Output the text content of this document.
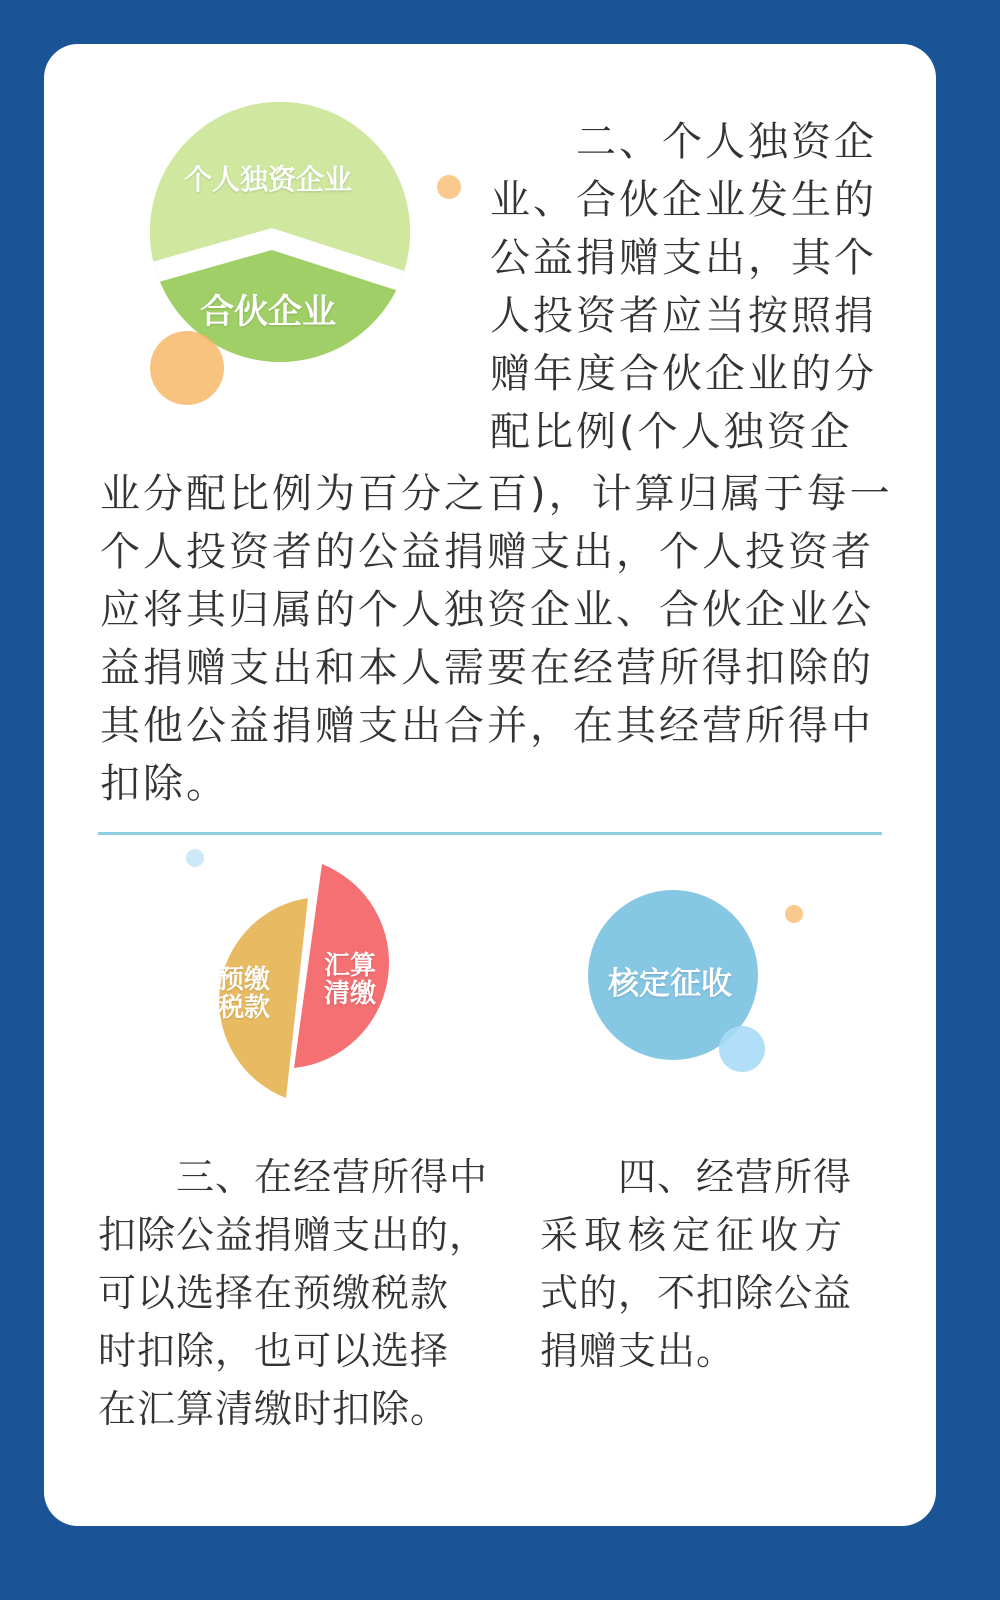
个人独资企业
合伙企业
　　二、个人独资企
业、合伙企业发生的
公益捐赠支出，其个
人投资者应当按照捐
赠年度合伙企业的分
配比例(个人独资企
业分配比例为百分之百)，计算归属于每一
个人投资者的公益捐赠支出，个人投资者
应将其归属的个人独资企业、合伙企业公
益捐赠支出和本人需要在经营所得扣除的
其他公益捐赠支出合并，在其经营所得中
扣除。
预缴
税款
汇算
清缴	核定征收
　　三、在经营所得中
扣除公益捐赠支出的，
可以选择在预缴税款
时扣除，也可以选择
在汇算清缴时扣除。
　　四、经营所得
采取核定征收方
式的，不扣除公益
捐赠支出。
